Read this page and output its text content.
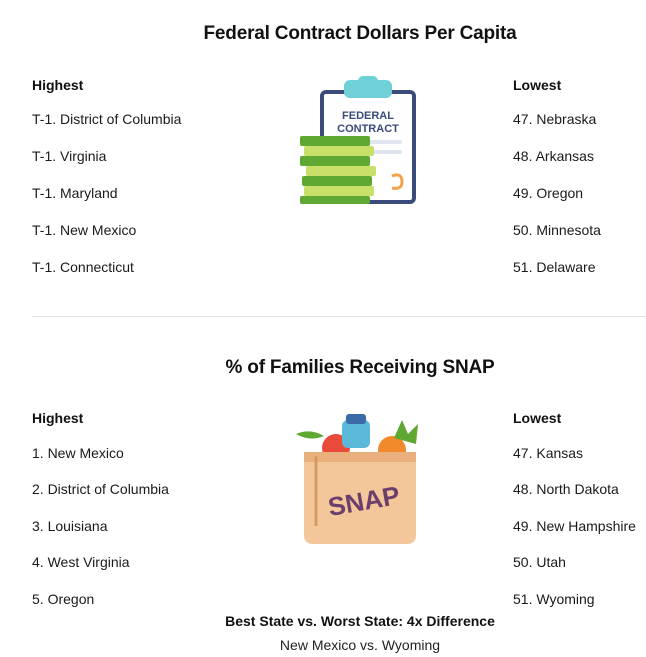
Federal Contract Dollars Per Capita
Highest
T-1. District of Columbia
T-1. Virginia
T-1. Maryland
T-1. New Mexico
T-1. Connecticut
Lowest
47. Nebraska
48. Arkansas
49. Oregon
50. Minnesota
51. Delaware
FEDERAL
CONTRACT
% of Families Receiving SNAP
Highest
1. New Mexico
2. District of Columbia
3. Louisiana
4. West Virginia
5. Oregon
Lowest
47. Kansas
48. North Dakota
49. New Hampshire
50. Utah
51. Wyoming
SNAP
Best State vs. Worst State: 4x Difference
New Mexico vs. Wyoming
